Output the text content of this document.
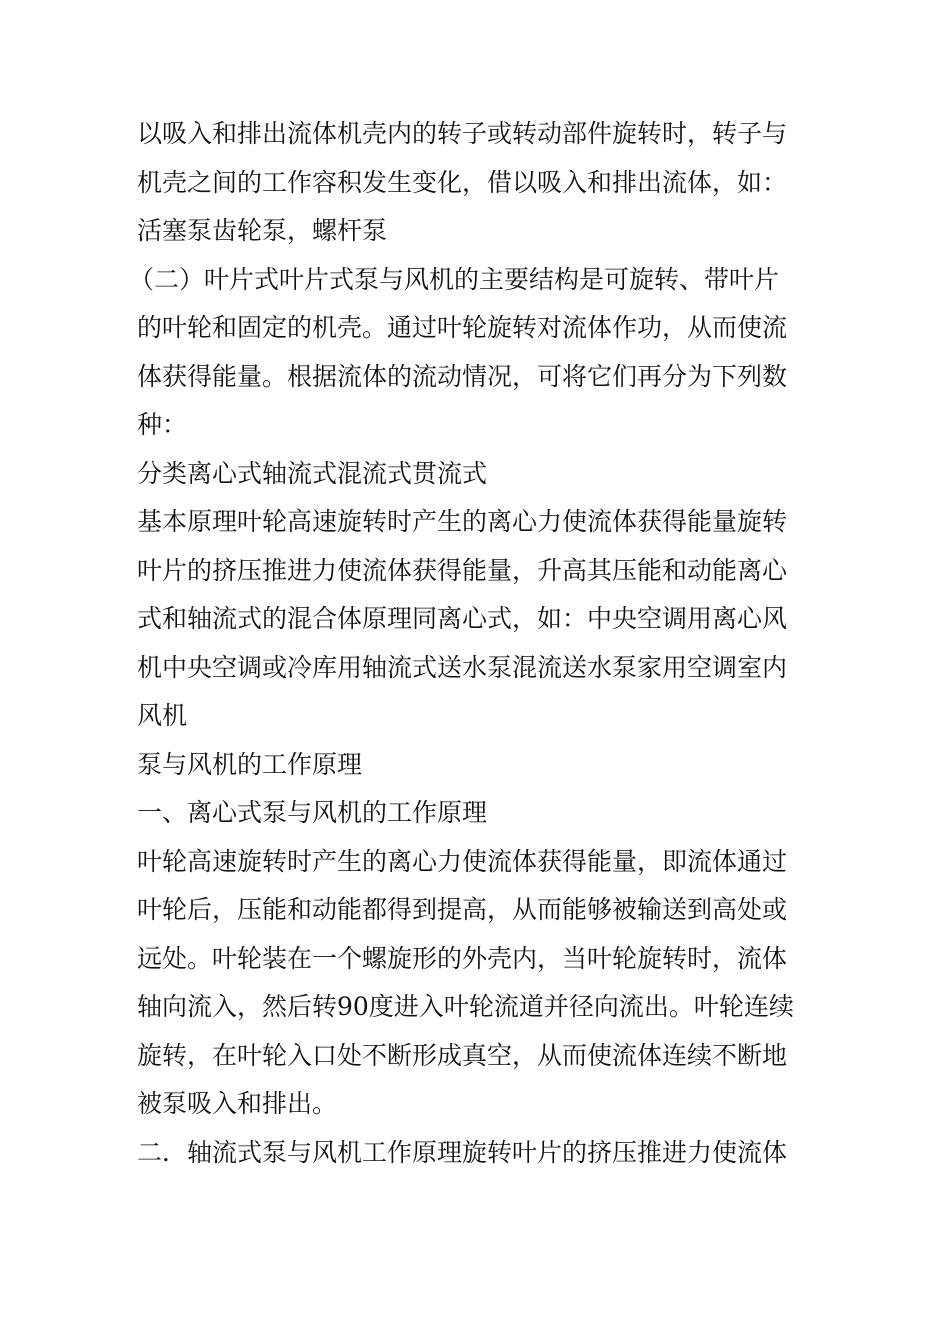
以吸入和排出流体机壳内的转子或转动部件旋转时，转子与
机壳之间的工作容积发生变化，借以吸入和排出流体，如：
活塞泵齿轮泵，螺杆泵
（二）叶片式叶片式泵与风机的主要结构是可旋转、带叶片
的叶轮和固定的机壳。通过叶轮旋转对流体作功，从而使流
体获得能量。根据流体的流动情况，可将它们再分为下列数
种：
分类离心式轴流式混流式贯流式
基本原理叶轮高速旋转时产生的离心力使流体获得能量旋转
叶片的挤压推进力使流体获得能量，升高其压能和动能离心
式和轴流式的混合体原理同离心式，如：中央空调用离心风
机中央空调或冷库用轴流式送水泵混流送水泵家用空调室内
风机
泵与风机的工作原理
一、离心式泵与风机的工作原理
叶轮高速旋转时产生的离心力使流体获得能量，即流体通过
叶轮后，压能和动能都得到提高，从而能够被输送到高处或
远处。叶轮装在一个螺旋形的外壳内，当叶轮旋转时，流体
轴向流入，然后转90度进入叶轮流道并径向流出。叶轮连续
旋转，在叶轮入口处不断形成真空，从而使流体连续不断地
被泵吸入和排出。
二．轴流式泵与风机工作原理旋转叶片的挤压推进力使流体
